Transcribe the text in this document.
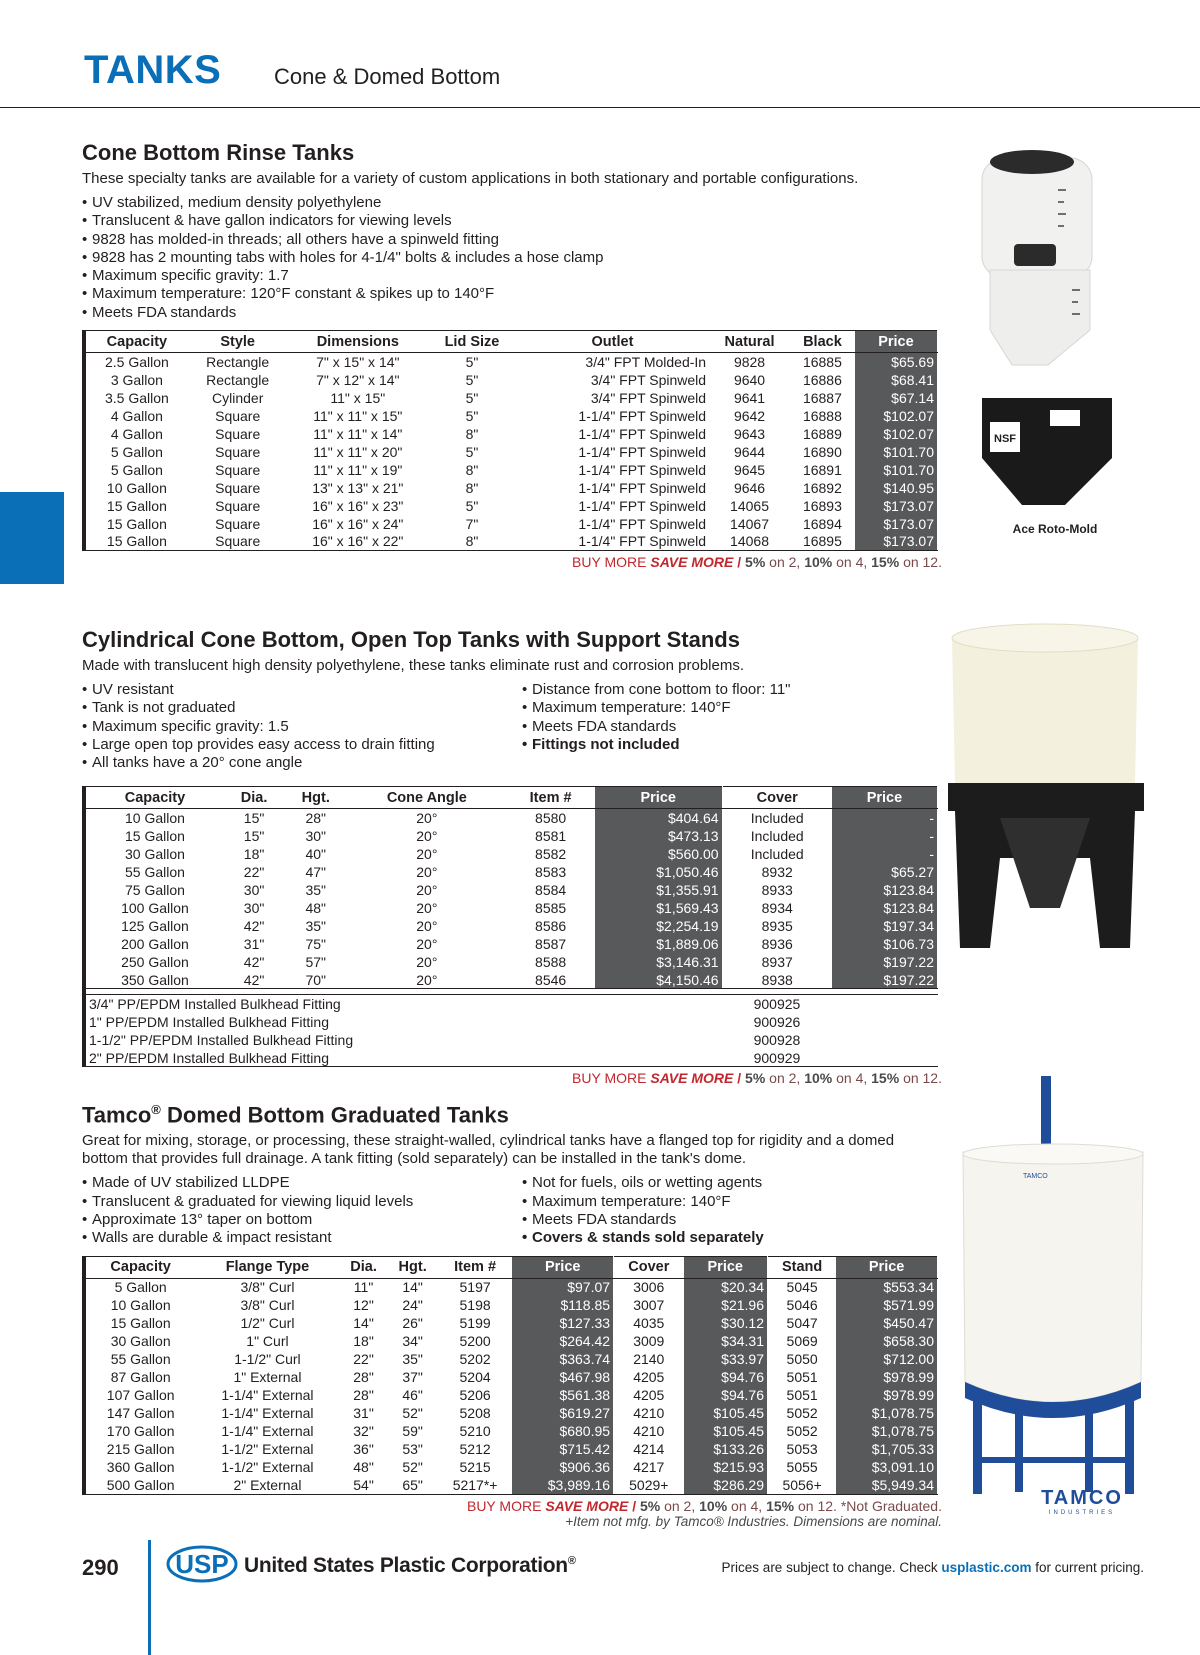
TANKS Cone & Domed Bottom
Cone Bottom Rinse Tanks
These specialty tanks are available for a variety of custom applications in both stationary and portable configurations.
• UV stabilized, medium density polyethylene
• Translucent & have gallon indicators for viewing levels
• 9828 has molded-in threads; all others have a spinweld fitting
• 9828 has 2 mounting tabs with holes for 4-1/4" bolts & includes a hose clamp
• Maximum specific gravity: 1.7
• Maximum temperature: 120°F constant & spikes up to 140°F
• Meets FDA standards
Capacity	Style	Dimensions	Lid Size	Outlet	Natural	Black	Price
2.5 Gallon	Rectangle	7" x 15" x 14"	5"	3/4" FPT Molded-In	9828	16885	$65.69
3 Gallon	Rectangle	7" x 12" x 14"	5"	3/4" FPT Spinweld	9640	16886	$68.41
3.5 Gallon	Cylinder	11" x 15"	5"	3/4" FPT Spinweld	9641	16887	$67.14
4 Gallon	Square	11" x 11" x 15"	5"	1-1/4" FPT Spinweld	9642	16888	$102.07
4 Gallon	Square	11" x 11" x 14"	8"	1-1/4" FPT Spinweld	9643	16889	$102.07
5 Gallon	Square	11" x 11" x 20"	5"	1-1/4" FPT Spinweld	9644	16890	$101.70
5 Gallon	Square	11" x 11" x 19"	8"	1-1/4" FPT Spinweld	9645	16891	$101.70
10 Gallon	Square	13" x 13" x 21"	8"	1-1/4" FPT Spinweld	9646	16892	$140.95
15 Gallon	Square	16" x 16" x 23"	5"	1-1/4" FPT Spinweld	14065	16893	$173.07
15 Gallon	Square	16" x 16" x 24"	7"	1-1/4" FPT Spinweld	14067	16894	$173.07
15 Gallon	Square	16" x 16" x 22"	8"	1-1/4" FPT Spinweld	14068	16895	$173.07
BUY MORE SAVE MORE / 5% on 2, 10% on 4, 15% on 12.
Cylindrical Cone Bottom, Open Top Tanks with Support Stands
Made with translucent high density polyethylene, these tanks eliminate rust and corrosion problems.
• UV resistant
• Tank is not graduated
• Maximum specific gravity: 1.5
• Large open top provides easy access to drain fitting
• All tanks have a 20° cone angle
• Distance from cone bottom to floor: 11"
• Maximum temperature: 140°F
• Meets FDA standards
• Fittings not included
Capacity	Dia.	Hgt.	Cone Angle	Item #	Price	Cover	Price
10 Gallon	15"	28"	20°	8580	$404.64	Included	-
15 Gallon	15"	30"	20°	8581	$473.13	Included	-
30 Gallon	18"	40"	20°	8582	$560.00	Included	-
55 Gallon	22"	47"	20°	8583	$1,050.46	8932	$65.27
75 Gallon	30"	35"	20°	8584	$1,355.91	8933	$123.84
100 Gallon	30"	48"	20°	8585	$1,569.43	8934	$123.84
125 Gallon	42"	35"	20°	8586	$2,254.19	8935	$197.34
200 Gallon	31"	75"	20°	8587	$1,889.06	8936	$106.73
250 Gallon	42"	57"	20°	8588	$3,146.31	8937	$197.22
350 Gallon	42"	70"	20°	8546	$4,150.46	8938	$197.22

3/4" PP/EPDM Installed Bulkhead Fitting						900925	$136.96
1" PP/EPDM Installed Bulkhead Fitting						900926	$136.87
1-1/2" PP/EPDM Installed Bulkhead Fitting						900928	$153.18
2" PP/EPDM Installed Bulkhead Fitting						900929	$224.14
BUY MORE SAVE MORE / 5% on 2, 10% on 4, 15% on 12.
Tamco® Domed Bottom Graduated Tanks
Great for mixing, storage, or processing, these straight-walled, cylindrical tanks have a flanged top for rigidity and a domed bottom that provides full drainage. A tank fitting (sold separately) can be installed in the tank's dome.
• Made of UV stabilized LLDPE
• Translucent & graduated for viewing liquid levels
• Approximate 13° taper on bottom
• Walls are durable & impact resistant
• Not for fuels, oils or wetting agents
• Maximum temperature: 140°F
• Meets FDA standards
• Covers & stands sold separately
Capacity	Flange Type	Dia.	Hgt.	Item #	Price	Cover	Price	Stand	Price
5 Gallon	3/8" Curl	11"	14"	5197	$97.07	3006	$20.34	5045	$553.34
10 Gallon	3/8" Curl	12"	24"	5198	$118.85	3007	$21.96	5046	$571.99
15 Gallon	1/2" Curl	14"	26"	5199	$127.33	4035	$30.12	5047	$450.47
30 Gallon	1" Curl	18"	34"	5200	$264.42	3009	$34.31	5069	$658.30
55 Gallon	1-1/2" Curl	22"	35"	5202	$363.74	2140	$33.97	5050	$712.00
87 Gallon	1" External	28"	37"	5204	$467.98	4205	$94.76	5051	$978.99
107 Gallon	1-1/4" External	28"	46"	5206	$561.38	4205	$94.76	5051	$978.99
147 Gallon	1-1/4" External	31"	52"	5208	$619.27	4210	$105.45	5052	$1,078.75
170 Gallon	1-1/4" External	32"	59"	5210	$680.95	4210	$105.45	5052	$1,078.75
215 Gallon	1-1/2" External	36"	53"	5212	$715.42	4214	$133.26	5053	$1,705.33
360 Gallon	1-1/2" External	48"	52"	5215	$906.36	4217	$215.93	5055	$3,091.10
500 Gallon	2" External	54"	65"	5217*+	$3,989.16	5029+	$286.29	5056+	$5,949.34
BUY MORE SAVE MORE / 5% on 2, 10% on 4, 15% on 12. *Not Graduated.
+Item not mfg. by Tamco® Industries. Dimensions are nominal.
NSF
Ace Roto-Mold
TAMCO
TAMCO
INDUSTRIES
290 USP United States Plastic Corporation®	Prices are subject to change. Check usplastic.com for current pricing.
